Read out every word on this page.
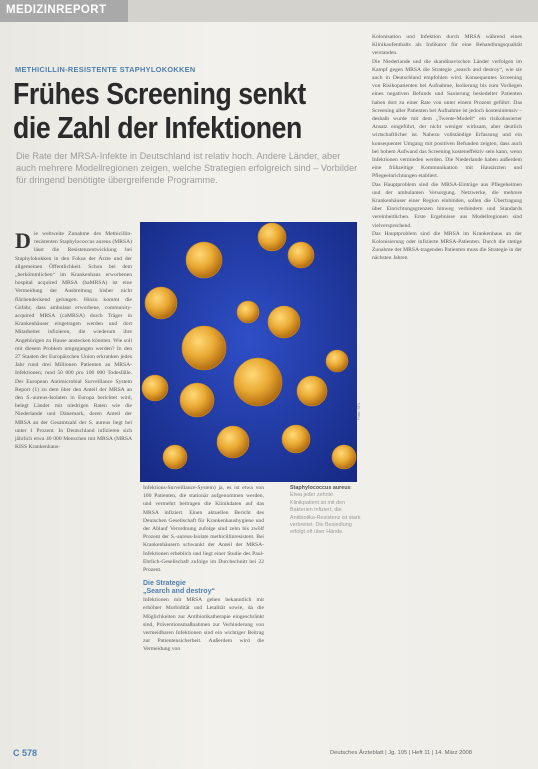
MEDIZINREPORT
METHICILLIN-RESISTENTE STAPHYLOKOKKEN
Frühes Screening senkt
die Zahl der Infektionen
Die Rate der MRSA-Infekte in Deutschland ist relativ hoch. Andere Länder, aber auch mehrere Modellregionen zeigen, welche Strategien erfolgreich sind – Vorbilder für dringend benötigte übergreifende Programme.
D ie weltweite Zunahme des Methicillin-resistenten Staphylococcus aureus (MRSA) lässt die Resistenzentwicklung bei Staphylokokken in den Fokus der Ärzte und der allgemeinen Öffentlichkeit. Schon bei dem „herkömmlichen“ im Krankenhaus erworbenen hospital acquired MRSA (haMRSA) ist eine Vermeidung der Ausbreitung bisher nicht flächendeckend gelungen. Hinzu kommt die Gefahr, dass ambulant erworbene, community-acquired MRSA (caMRSA) durch Träger in Krankenhäuser eingetragen werden und dort Mitarbeiter infizieren, die wiederum ihre Angehörigen zu Hause anstecken könnten. Wie soll mit diesem Problem umgegangen werden? In den 27 Staaten der Europäischen Union erkranken jedes Jahr rund drei Millionen Patienten an MRSA-Infektionen; rund 50 000 pro 100 000 Todesfälle. Der European Antimicrobial Surveillance System Report (1) zu dem über den Anteil der MRSA an den S.-aureus-Isolaten in Europa berichtet wird, belegt Länder mit niedrigen Raten wie die Niederlande und Dänemark, deren Anteil der MRSA an der Gesamtzahl der S. aureus liegt bei unter 1 Prozent. In Deutschland infizieren sich jährlich etwa 40 000 Menschen mit MRSA (MRSA KISS Krankenhaus-
Foto: SPL

Infektions-Surveillance-System) ja, es ist etwa von 100 Patienten, die stationär aufgenommen werden, und vermehrt beitragen die Klinikdaten auf das MRSA infiziert. Einen aktuellen Bericht des Deutschen Gesellschaft für Krankenhaushygiene und der Ablauf Verordnung zufolge sind zehn bis zwölf Prozent der S.-aureus-Isolate methicillinresistent. Bei Krankenhäusern schwankt der Anteil der MRSA-Infektionen erheblich und liegt einer Studie des Paul-Ehrlich-Gesellschaft zufolge im Durchschnitt bei 22 Prozent.

Die Strategie
„Search and destroy“

Infektionen mit MRSA gehen bekanntlich mit erhöhter Morbidität und Letalität sowie, da die Möglichkeiten zur Antibiotikatherapie eingeschränkt sind, Präventionsmaßnahmen zur Verhinderung von vermeidbaren Infektionen sind ein wichtiger Beitrag zur Patientensicherheit. Außerdem wird die Vermeidung von

Staphylococcus aureus: Etwa jeder zehnte Klinikpatient ist mit den Bakterien infiziert, die Antibiotika-Resistenz ist stark verbreitet. Die Besiedlung erfolgt oft über Hände.

Kolonisation und Infektion durch MRSA während eines Klinikaufenthalts als Indikator für eine Behandlungsqualität verstanden.

Die Niederlande und die skandinavischen Länder verfolgen im Kampf gegen MRSA die Strategie „search and destroy“, wie sie auch in Deutschland empfohlen wird. Konsequentes Screening von Risikopatienten bei Aufnahme, Isolierung bis zum Vorliegen eines negativen Befunds und Sanierung besiedelter Patienten haben dort zu einer Rate von unter einem Prozent geführt. Das Screening aller Patienten bei Aufnahme ist jedoch kostenintensiv – deshalb wurde mit dem „Twente-Modell“ ein risikobasierter Ansatz eingeführt, der nicht weniger wirksam, aber deutlich wirtschaftlicher ist. Nahezu vollständige Erfassung und ein konsequenter Umgang mit positiven Befunden zeigten, dass auch bei hohem Aufwand das Screening kosteneffektiv sein kann, wenn Infektionen vermieden werden. Die Niederlande haben außerdem eine frühzeitige Kommunikation mit Hausärzten und Pflegeeinrichtungen etabliert.

Das Hauptproblem sind die MRSA-Einträge aus Pflegeheimen und der ambulanten Versorgung. Netzwerke, die mehrere Krankenhäuser einer Region einbinden, sollen die Übertragung über Einrichtungsgrenzen hinweg verhindern und Standards vereinheitlichen. Erste Ergebnisse aus Modellregionen sind vielversprechend.

Das Hauptproblem sind die MRSA im Krankenhaus an der Kolonisierung oder infizierte MRSA-Patienten. Durch die stetige Zunahme der MRSA-tragenden Patienten muss die Strategie in der nächsten Jahren

C 578	Deutsches Ärzteblatt | Jg. 105 | Heft 11 | 14. März 2008
